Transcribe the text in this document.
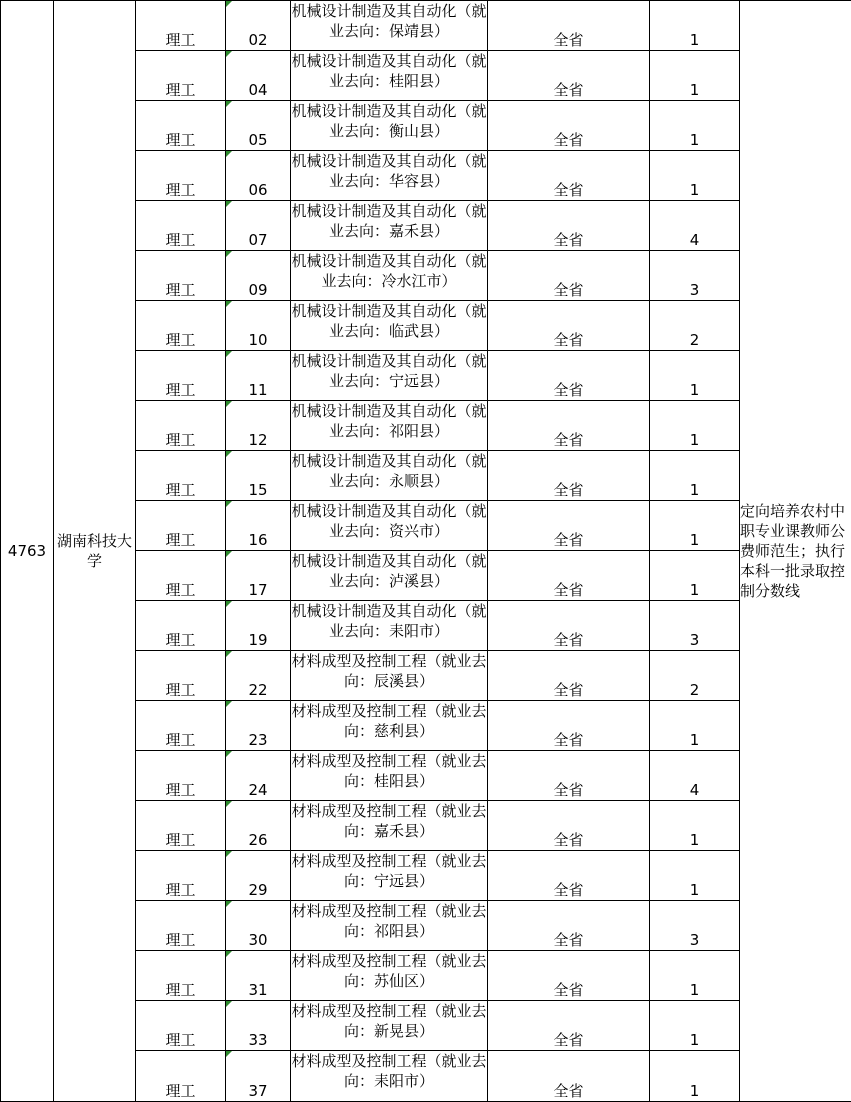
4763	湖南科技大学	理工	02	机械设计制造及其自动化（就业去向：保靖县）	全省	1	定向培养农村中职专业课教师公费师范生；执行本科一批录取控制分数线
		理工	04	机械设计制造及其自动化（就业去向：桂阳县）	全省	1	
		理工	05	机械设计制造及其自动化（就业去向：衡山县）	全省	1	
		理工	06	机械设计制造及其自动化（就业去向：华容县）	全省	1	
		理工	07	机械设计制造及其自动化（就业去向：嘉禾县）	全省	4	
		理工	09	机械设计制造及其自动化（就业去向：冷水江市）	全省	3	
		理工	10	机械设计制造及其自动化（就业去向：临武县）	全省	2	
		理工	11	机械设计制造及其自动化（就业去向：宁远县）	全省	1	
		理工	12	机械设计制造及其自动化（就业去向：祁阳县）	全省	1	
		理工	15	机械设计制造及其自动化（就业去向：永顺县）	全省	1	
		理工	16	机械设计制造及其自动化（就业去向：资兴市）	全省	1	
		理工	17	机械设计制造及其自动化（就业去向：泸溪县）	全省	1	
		理工	19	机械设计制造及其自动化（就业去向：耒阳市）	全省	3	
		理工	22	材料成型及控制工程（就业去向：辰溪县）	全省	2	
		理工	23	材料成型及控制工程（就业去向：慈利县）	全省	1	
		理工	24	材料成型及控制工程（就业去向：桂阳县）	全省	4	
		理工	26	材料成型及控制工程（就业去向：嘉禾县）	全省	1	
		理工	29	材料成型及控制工程（就业去向：宁远县）	全省	1	
		理工	30	材料成型及控制工程（就业去向：祁阳县）	全省	3	
		理工	31	材料成型及控制工程（就业去向：苏仙区）	全省	1	
		理工	33	材料成型及控制工程（就业去向：新晃县）	全省	1	
		理工	37	材料成型及控制工程（就业去向：耒阳市）	全省	1	
